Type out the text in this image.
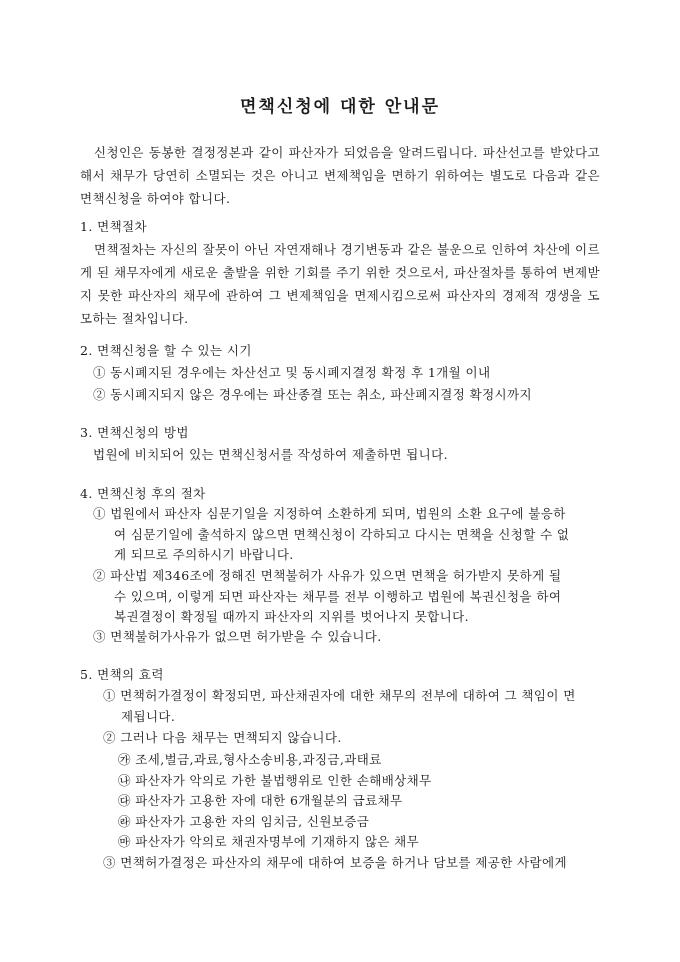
면책신청에 대한 안내문
신청인은 동봉한 결정정본과 같이 파산자가 되었음을 알려드립니다. 파산선고를 받았다고 해서 채무가 당연히 소멸되는 것은 아니고 변제책임을 면하기 위하여는 별도로 다음과 같은 면책신청을 하여야 합니다.
1. 면책절차
면책절차는 자신의 잘못이 아닌 자연재해나 경기변동과 같은 불운으로 인하여 차산에 이르게 된 채무자에게 새로운 출발을 위한 기회를 주기 위한 것으로서, 파산절차를 통하여 변제받지 못한 파산자의 채무에 관하여 그 변제책임을 면제시킴으로써 파산자의 경제적 갱생을 도모하는 절차입니다.
2. 면책신청을 할 수 있는 시기
① 동시폐지된 경우에는 차산선고 및 동시폐지결정 확정 후 1개월 이내
② 동시폐지되지 않은 경우에는 파산종결 또는 취소, 파산폐지결정 확정시까지
3. 면책신청의 방법
법원에 비치되어 있는 면책신청서를 작성하여 제출하면 됩니다.
4. 면책신청 후의 절차
① 법원에서 파산자 심문기일을 지정하여 소환하게 되며, 법원의 소환 요구에 불응하
여 심문기일에 출석하지 않으면 면책신청이 각하되고 다시는 면책을 신청할 수 없
게 되므로 주의하시기 바랍니다.
② 파산법 제346조에 정해진 면책불허가 사유가 있으면 면책을 허가받지 못하게 될
수 있으며, 이렇게 되면 파산자는 채무를 전부 이행하고 법원에 복권신청을 하여
복권결정이 확정될 때까지 파산자의 지위를 벗어나지 못합니다.
③ 면책불허가사유가 없으면 허가받을 수 있습니다.
5. 면책의 효력
① 면책허가결정이 확정되면, 파산채권자에 대한 채무의 전부에 대하여 그 책임이 면
제됩니다.
② 그러나 다음 채무는 면책되지 않습니다.
㉮ 조세,벌금,과료,형사소송비용,과징금,과태료
㉯ 파산자가 악의로 가한 불법행위로 인한 손해배상채무
㉰ 파산자가 고용한 자에 대한 6개월분의 급료채무
㉱ 파산자가 고용한 자의 임치금, 신원보증금
㉲ 파산자가 악의로 채권자명부에 기재하지 않은 채무
③ 면책허가결정은 파산자의 채무에 대하여 보증을 하거나 담보를 제공한 사람에게
